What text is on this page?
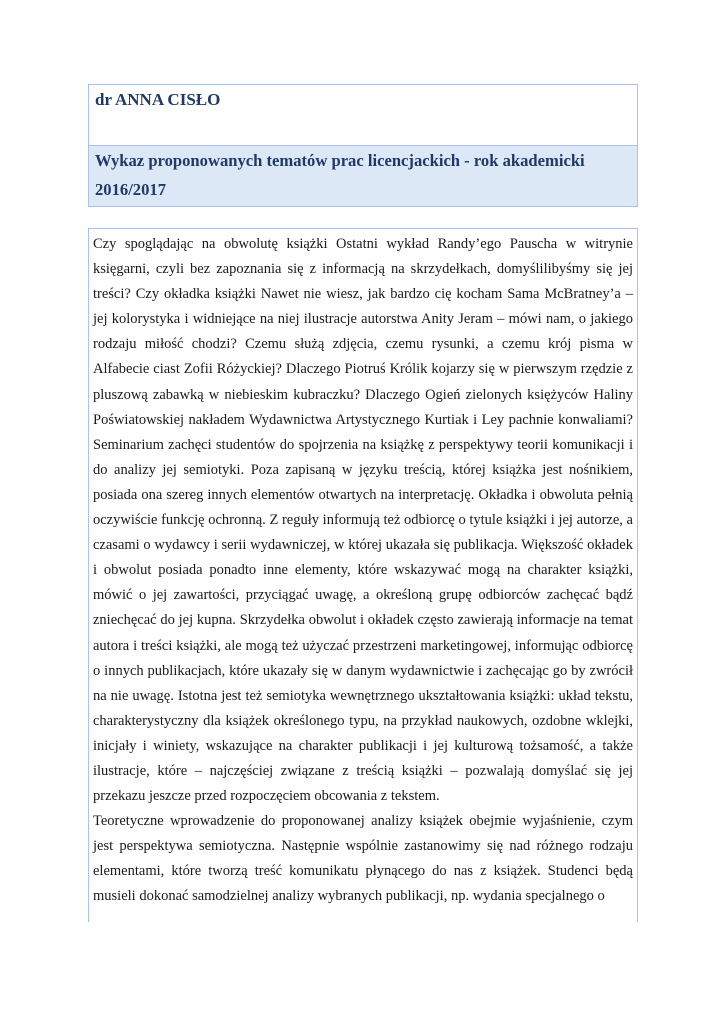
dr ANNA CISŁO
Wykaz proponowanych tematów prac licencjackich - rok akademicki 2016/2017

Czy spoglądając na obwolutę książki Ostatni wykład Randy’ego Pauscha w witrynie księgarni, czyli bez zapoznania się z informacją na skrzydełkach, domyślilibyśmy się jej treści? Czy okładka książki Nawet nie wiesz, jak bardzo cię kocham Sama McBratney’a – jej kolorystyka i widniejące na niej ilustracje autorstwa Anity Jeram – mówi nam, o jakiego rodzaju miłość chodzi? Czemu służą zdjęcia, czemu rysunki, a czemu krój pisma w Alfabecie ciast Zofii Różyckiej? Dlaczego Piotruś Królik kojarzy się w pierwszym rzędzie z pluszową zabawką w niebieskim kubraczku? Dlaczego Ogień zielonych księżyców Haliny Poświatowskiej nakładem Wydawnictwa Artystycznego Kurtiak i Ley pachnie konwaliami? Seminarium zachęci studentów do spojrzenia na książkę z perspektywy teorii komunikacji i do analizy jej semiotyki. Poza zapisaną w języku treścią, której książka jest nośnikiem, posiada ona szereg innych elementów otwartych na interpretację. Okładka i obwoluta pełnią oczywiście funkcję ochronną. Z reguły informują też odbiorcę o tytule książki i jej autorze, a czasami o wydawcy i serii wydawniczej, w której ukazała się publikacja. Większość okładek i obwolut posiada ponadto inne elementy, które wskazywać mogą na charakter książki, mówić o jej zawartości, przyciągać uwagę, a określoną grupę odbiorców zachęcać bądź zniechęcać do jej kupna. Skrzydełka obwolut i okładek często zawierają informacje na temat autora i treści książki, ale mogą też użyczać przestrzeni marketingowej, informując odbiorcę o innych publikacjach, które ukazały się w danym wydawnictwie i zachęcając go by zwrócił na nie uwagę. Istotna jest też semiotyka wewnętrznego ukształtowania książki: układ tekstu, charakterystyczny dla książek określonego typu, na przykład naukowych, ozdobne wklejki, inicjały i winiety, wskazujące na charakter publikacji i jej kulturową tożsamość, a także ilustracje, które – najczęściej związane z treścią książki – pozwalają domyślać się jej przekazu jeszcze przed rozpoczęciem obcowania z tekstem.

Teoretyczne wprowadzenie do proponowanej analizy książek obejmie wyjaśnienie, czym jest perspektywa semiotyczna. Następnie wspólnie zastanowimy się nad różnego rodzaju elementami, które tworzą treść komunikatu płynącego do nas z książek. Studenci będą musieli dokonać samodzielnej analizy wybranych publikacji, np. wydania specjalnego o
